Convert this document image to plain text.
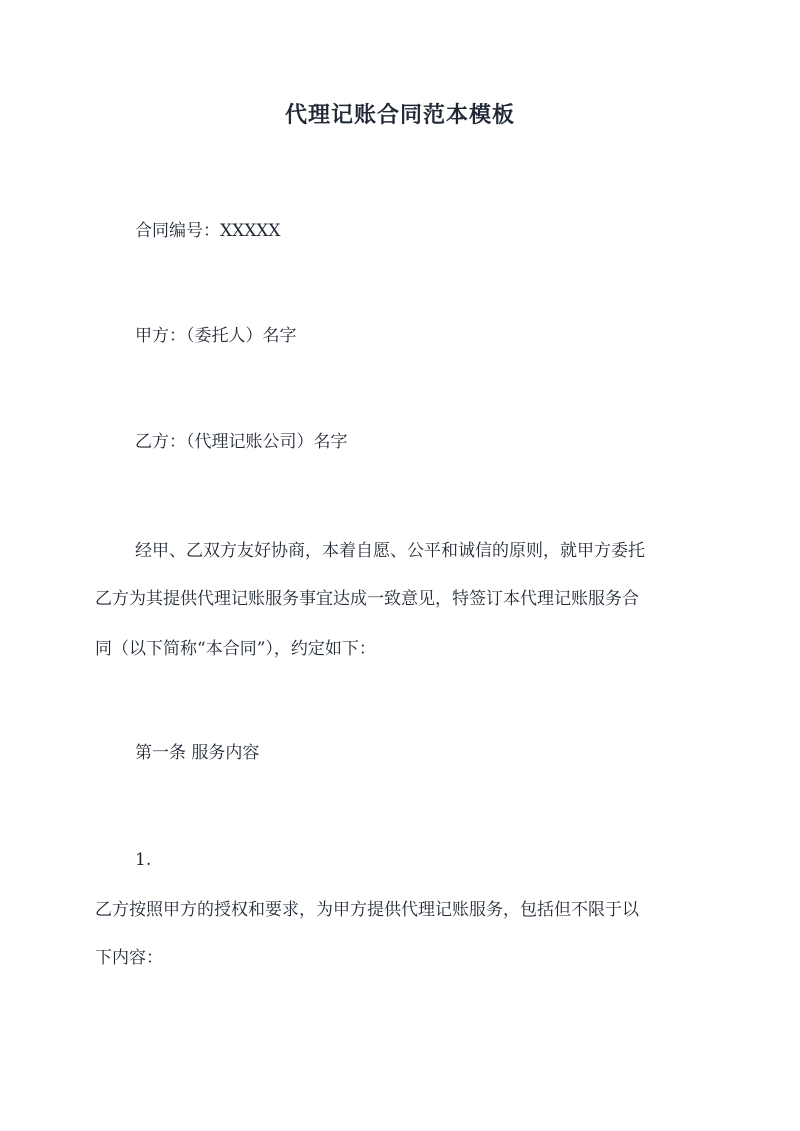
代理记账合同范本模板
合同编号：XXXXX
甲方：（委托人）名字
乙方：（代理记账公司）名字
经甲、乙双方友好协商，本着自愿、公平和诚信的原则，就甲方委托
乙方为其提供代理记账服务事宜达成一致意见，特签订本代理记账服务合
同（以下简称“本合同”），约定如下：
第一条 服务内容
1.
乙方按照甲方的授权和要求，为甲方提供代理记账服务，包括但不限于以
下内容：
